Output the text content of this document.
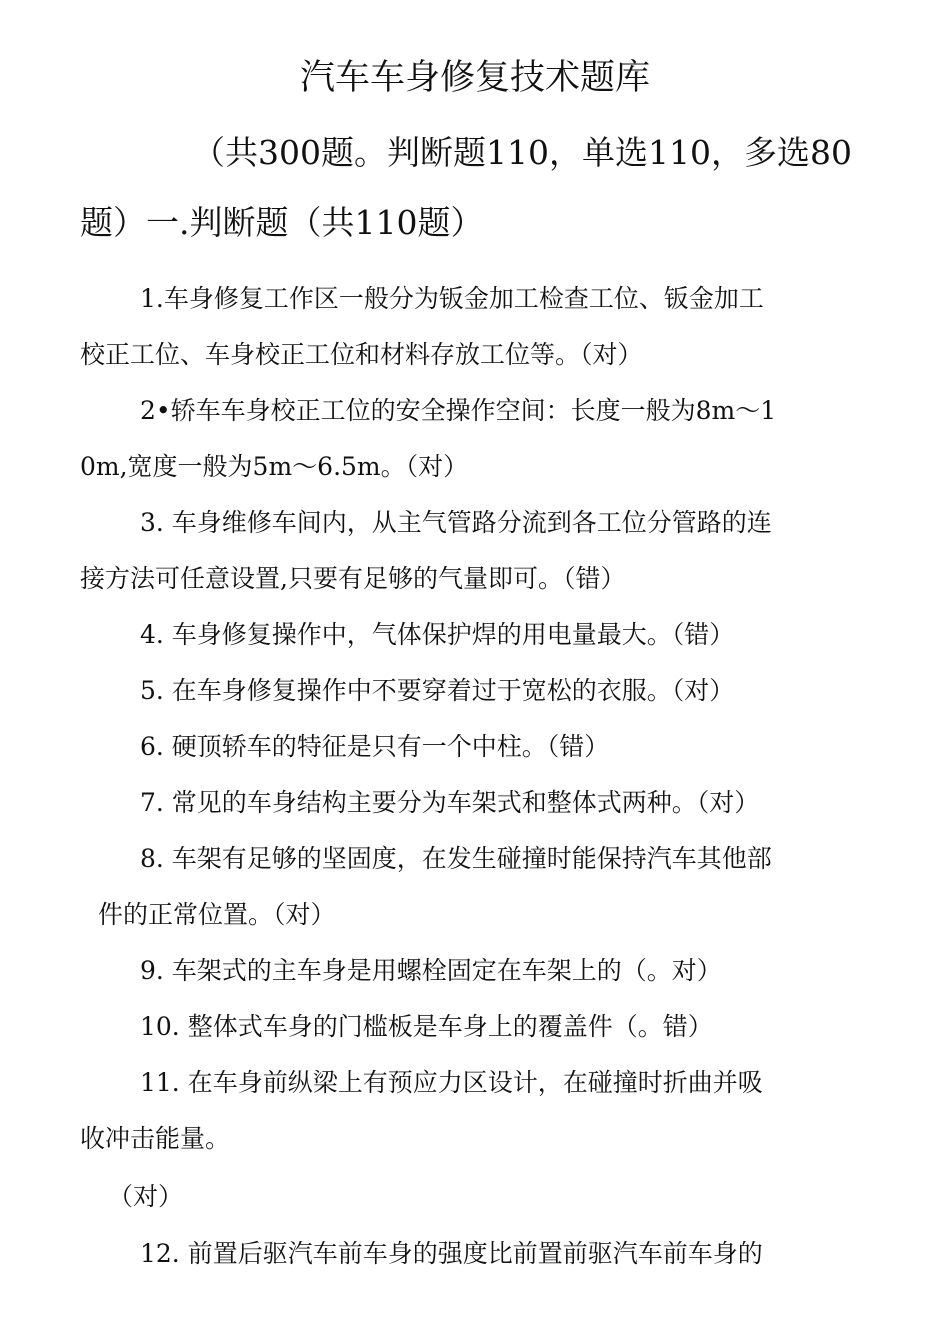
汽车车身修复技术题库
（共300题。判断题110，单选110，多选80
题）一.判断题（共110题）
1.车身修复工作区一般分为钣金加工检查工位、钣金加工
校正工位、车身校正工位和材料存放工位等。（对）
2•轿车车身校正工位的安全操作空间：长度一般为8m〜1
0m,宽度一般为5m〜6.5m。（对）
3. 车身维修车间内，从主气管路分流到各工位分管路的连
接方法可任意设置,只要有足够的气量即可。（错）
4. 车身修复操作中，气体保护焊的用电量最大。（错）
5. 在车身修复操作中不要穿着过于宽松的衣服。（对）
6. 硬顶轿车的特征是只有一个中柱。（错）
7. 常见的车身结构主要分为车架式和整体式两种。（对）
8. 车架有足够的坚固度，在发生碰撞时能保持汽车其他部
件的正常位置。（对）
9. 车架式的主车身是用螺栓固定在车架上的（。对）
10. 整体式车身的门槛板是车身上的覆盖件（。错）
11. 在车身前纵梁上有预应力区设计，在碰撞时折曲并吸
收冲击能量。
（对）
12. 前置后驱汽车前车身的强度比前置前驱汽车前车身的
